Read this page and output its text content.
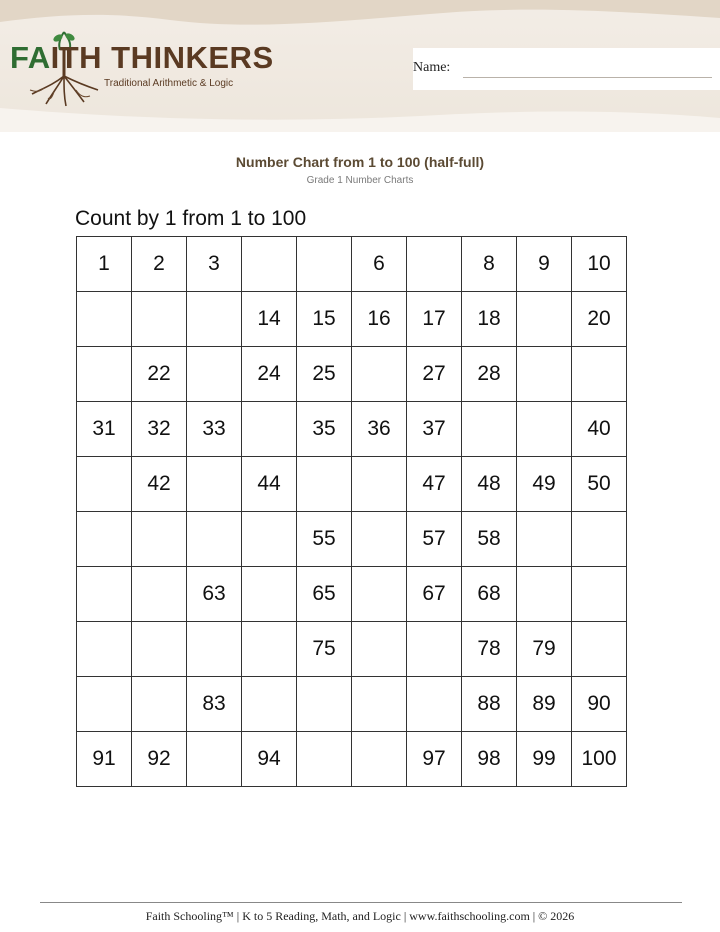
FAITH THINKERS
Traditional Arithmetic & Logic
Name:
Number Chart from 1 to 100 (half-full)
Grade 1 Number Charts
Count by 1 from 1 to 100
1	2	3			6		8	9	10
			14	15	16	17	18		20
	22		24	25		27	28		
31	32	33		35	36	37			40
	42		44			47	48	49	50
				55		57	58		
		63		65		67	68		
				75			78	79	
		83					88	89	90
91	92		94			97	98	99	100
Faith Schooling™ | K to 5 Reading, Math, and Logic | www.faithschooling.com | © 2026
